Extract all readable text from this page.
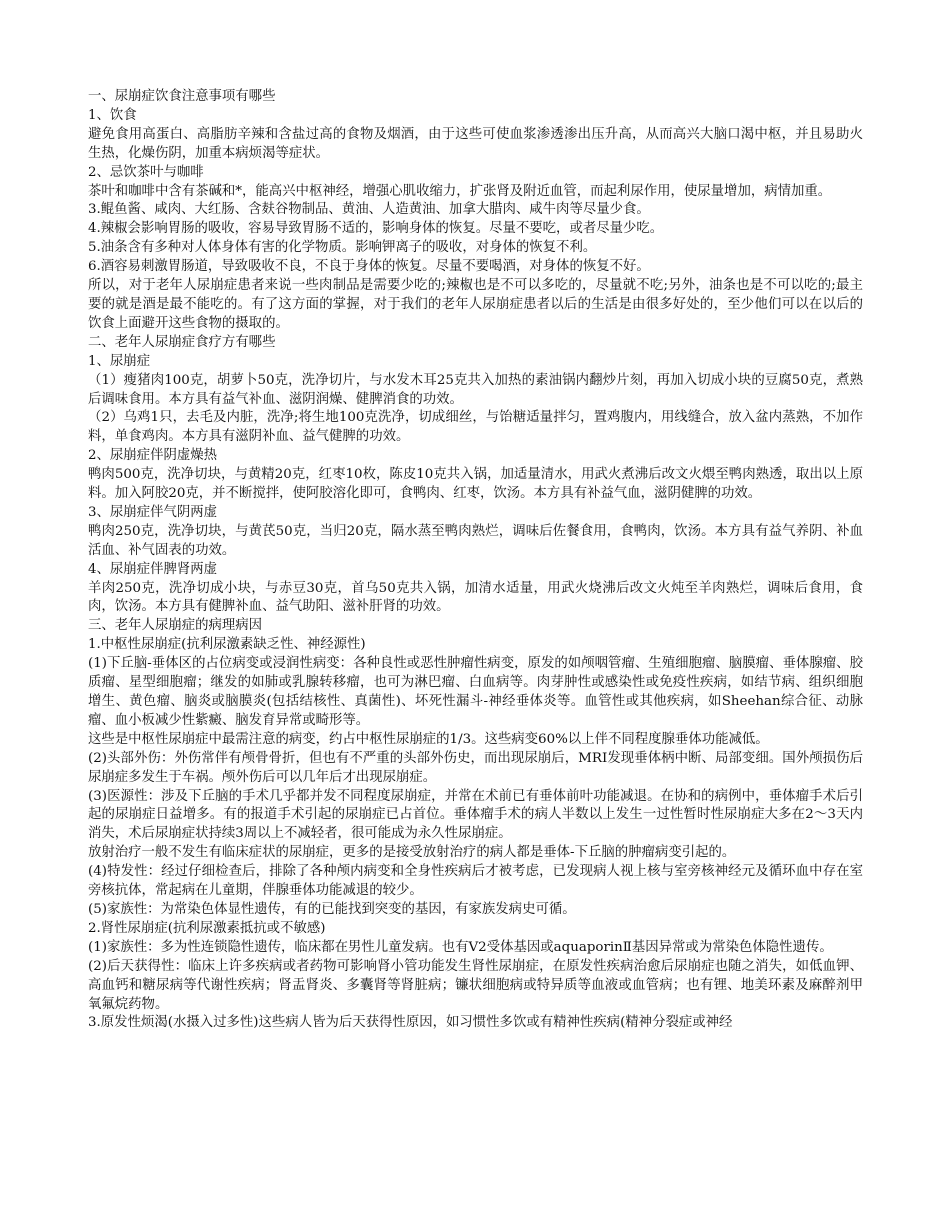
一、尿崩症饮食注意事项有哪些

1、饮食

避免食用高蛋白、高脂肪辛辣和含盐过高的食物及烟酒，由于这些可使血浆渗透渗出压升高，从而高兴大脑口渴中枢，并且易助火生热，化燥伤阴，加重本病烦渴等症状。

2、忌饮茶叶与咖啡

茶叶和咖啡中含有茶碱和*，能高兴中枢神经，增强心肌收缩力，扩张肾及附近血管，而起利尿作用，使尿量增加，病情加重。

3.鲲鱼酱、咸肉、大红肠、含麸谷物制品、黄油、人造黄油、加拿大腊肉、咸牛肉等尽量少食。

4.辣椒会影响胃肠的吸收，容易导致胃肠不适的，影响身体的恢复。尽量不要吃，或者尽量少吃。

5.油条含有多种对人体身体有害的化学物质。影响钾离子的吸收，对身体的恢复不利。

6.酒容易刺激胃肠道，导致吸收不良，不良于身体的恢复。尽量不要喝酒，对身体的恢复不好。

所以，对于老年人尿崩症患者来说一些肉制品是需要少吃的;辣椒也是不可以多吃的，尽量就不吃;另外，油条也是不可以吃的;最主要的就是酒是最不能吃的。有了这方面的掌握，对于我们的老年人尿崩症患者以后的生活是由很多好处的，至少他们可以在以后的饮食上面避开这些食物的摄取的。

二、老年人尿崩症食疗方有哪些

1、尿崩症

（1）瘦猪肉100克，胡萝卜50克，洗净切片，与水发木耳25克共入加热的素油锅内翻炒片刻，再加入切成小块的豆腐50克，煮熟后调味食用。本方具有益气补血、滋阴润燥、健脾消食的功效。

（2）乌鸡1只，去毛及内脏，洗净;将生地100克洗净，切成细丝，与饴糖适量拌匀，置鸡腹内，用线缝合，放入盆内蒸熟，不加作料，单食鸡肉。本方具有滋阴补血、益气健脾的功效。

2、尿崩症伴阴虚燥热

鸭肉500克，洗净切块，与黄精20克，红枣10枚，陈皮10克共入锅，加适量清水，用武火煮沸后改文火煨至鸭肉熟透，取出以上原料。加入阿胶20克，并不断搅拌，使阿胶溶化即可，食鸭肉、红枣，饮汤。本方具有补益气血，滋阴健脾的功效。

3、尿崩症伴气阴两虚

鸭肉250克，洗净切块，与黄芪50克，当归20克，隔水蒸至鸭肉熟烂，调味后佐餐食用，食鸭肉，饮汤。本方具有益气养阴、补血活血、补气固表的功效。

4、尿崩症伴脾肾两虚

羊肉250克，洗净切成小块，与赤豆30克，首乌50克共入锅，加清水适量，用武火烧沸后改文火炖至羊肉熟烂，调味后食用，食肉，饮汤。本方具有健脾补血、益气助阳、滋补肝肾的功效。

三、老年人尿崩症的病理病因

1.中枢性尿崩症(抗利尿激素缺乏性、神经源性)

(1)下丘脑-垂体区的占位病变或浸润性病变：各种良性或恶性肿瘤性病变，原发的如颅咽管瘤、生殖细胞瘤、脑膜瘤、垂体腺瘤、胶质瘤、星型细胞瘤；继发的如肺或乳腺转移瘤，也可为淋巴瘤、白血病等。肉芽肿性或感染性或免疫性疾病，如结节病、组织细胞增生、黄色瘤、脑炎或脑膜炎(包括结核性、真菌性)、坏死性漏斗-神经垂体炎等。血管性或其他疾病，如Sheehan综合征、动脉瘤、血小板减少性紫癜、脑发育异常或畸形等。

这些是中枢性尿崩症中最需注意的病变，约占中枢性尿崩症的1/3。这些病变60%以上伴不同程度腺垂体功能减低。

(2)头部外伤：外伤常伴有颅骨骨折，但也有不严重的头部外伤史，而出现尿崩后，MRI发现垂体柄中断、局部变细。国外颅损伤后尿崩症多发生于车祸。颅外伤后可以几年后才出现尿崩症。

(3)医源性：涉及下丘脑的手术几乎都并发不同程度尿崩症，并常在术前已有垂体前叶功能减退。在协和的病例中，垂体瘤手术后引起的尿崩症日益增多。有的报道手术引起的尿崩症已占首位。垂体瘤手术的病人半数以上发生一过性暂时性尿崩症大多在2～3天内消失，术后尿崩症状持续3周以上不减轻者，很可能成为永久性尿崩症。

放射治疗一般不发生有临床症状的尿崩症，更多的是接受放射治疗的病人都是垂体-下丘脑的肿瘤病变引起的。

(4)特发性：经过仔细检查后，排除了各种颅内病变和全身性疾病后才被考虑，已发现病人视上核与室旁核神经元及循环血中存在室旁核抗体，常起病在儿童期，伴腺垂体功能减退的较少。

(5)家族性：为常染色体显性遗传，有的已能找到突变的基因，有家族发病史可循。

2.肾性尿崩症(抗利尿激素抵抗或不敏感)

(1)家族性：多为性连锁隐性遗传，临床都在男性儿童发病。也有V2受体基因或aquaporinⅡ基因异常或为常染色体隐性遗传。

(2)后天获得性：临床上许多疾病或者药物可影响肾小管功能发生肾性尿崩症，在原发性疾病治愈后尿崩症也随之消失，如低血钾、高血钙和糖尿病等代谢性疾病；肾盂肾炎、多囊肾等肾脏病；镰状细胞病或特异质等血液或血管病；也有锂、地美环素及麻醉剂甲氧氟烷药物。

3.原发性烦渴(水摄入过多性)这些病人皆为后天获得性原因，如习惯性多饮或有精神性疾病(精神分裂症或神经
